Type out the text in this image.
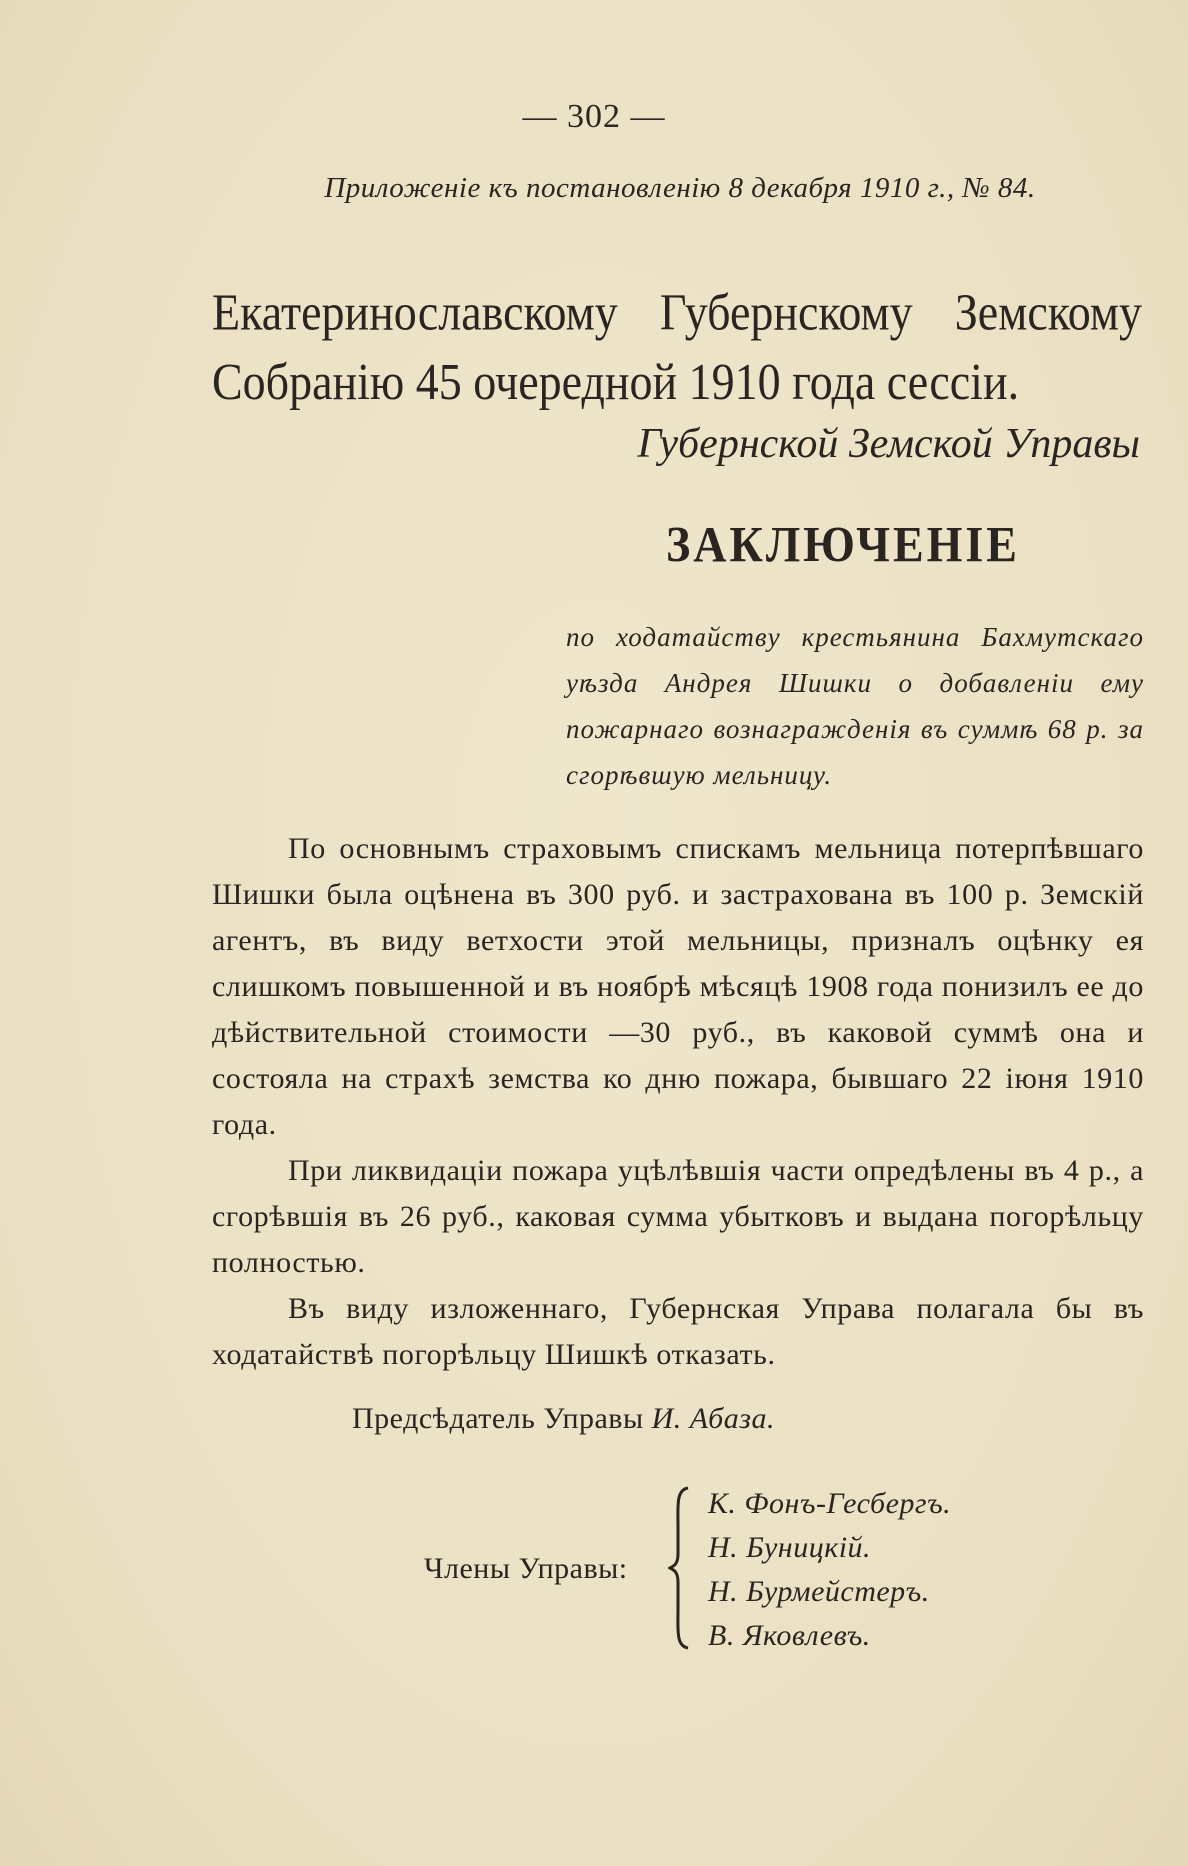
— 302 —
Приложеніе къ постановленію 8 декабря 1910 г., № 84.
Екатеринославскому Губернскому Земскому Собранію 45 очередной 1910 года сессіи.
Губернской Земской Управы
ЗАКЛЮЧЕНІЕ
по ходатайству крестьянина Бахмутскаго уѣзда Андрея Шишки о добавленіи ему пожарнаго вознагражденія въ суммѣ 68 р. за сгорѣвшую мельницу.

По основнымъ страховымъ спискамъ мельница потерпѣвшаго Шишки была оцѣнена въ 300 руб. и застрахована въ 100 р. Земскій агентъ, въ виду ветхости этой мельницы, призналъ оцѣнку ея слишкомъ повышенной и въ ноябрѣ мѣсяцѣ 1908 года понизилъ ее до дѣйствительной стоимости —30 руб., въ каковой суммѣ она и состояла на страхѣ земства ко дню пожара, бывшаго 22 іюня 1910 года.

При ликвидаціи пожара уцѣлѣвшія части опредѣлены въ 4 р., а сгорѣвшія въ 26 руб., каковая сумма убытковъ и выдана погорѣльцу полностью.

Въ виду изложеннаго, Губернская Управа полагала бы въ ходатайствѣ погорѣльцу Шишкѣ отказать.

Предсѣдатель Управы И. Абаза.
Члены Управы:
К. Фонъ-Гесбергъ.
Н. Буницкій.
Н. Бурмейстеръ.
В. Яковлевъ.
